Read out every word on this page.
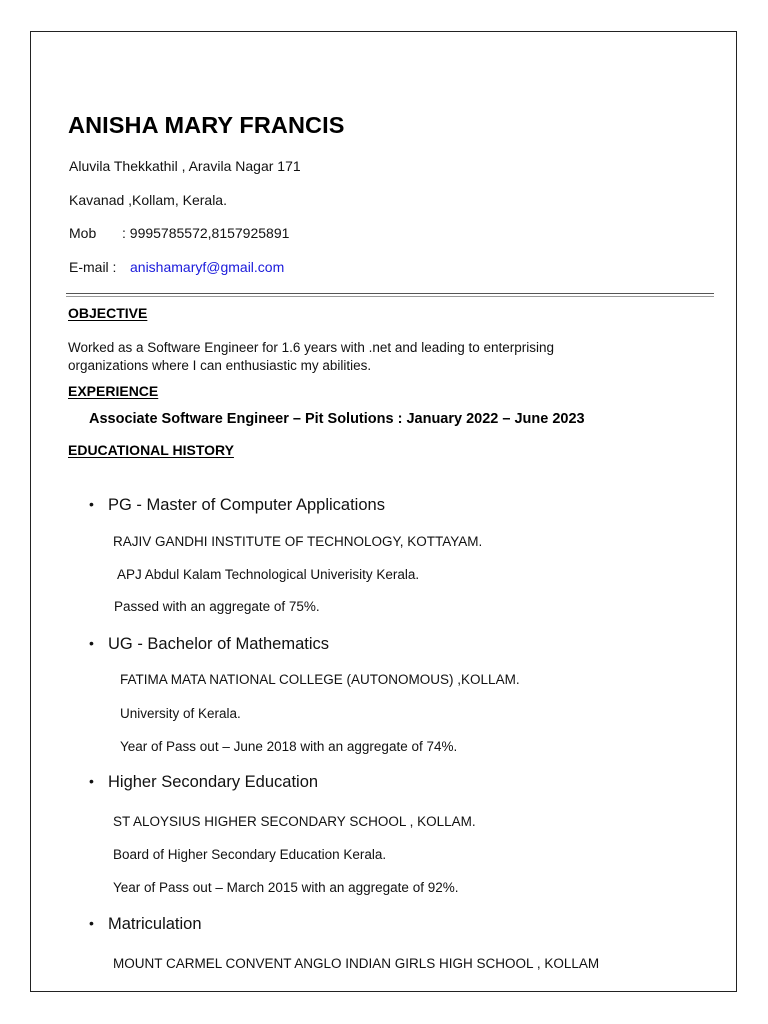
ANISHA MARY FRANCIS
Aluvila Thekkathil , Aravila Nagar 171
Kavanad ,Kollam, Kerala.
Mob : 9995785572,8157925891
E-mail : anishamaryf@gmail.com
OBJECTIVE
Worked as a Software Engineer for 1.6 years with .net and leading to enterprising organizations where I can enthusiastic my abilities.
EXPERIENCE
Associate Software Engineer – Pit Solutions : January 2022 – June 2023
EDUCATIONAL HISTORY
• PG - Master of Computer Applications
RAJIV GANDHI INSTITUTE OF TECHNOLOGY, KOTTAYAM.
APJ Abdul Kalam Technological Univerisity Kerala.
Passed with an aggregate of 75%.
• UG - Bachelor of Mathematics
FATIMA MATA NATIONAL COLLEGE (AUTONOMOUS) ,KOLLAM.
University of Kerala.
Year of Pass out – June 2018 with an aggregate of 74%.
• Higher Secondary Education
ST ALOYSIUS HIGHER SECONDARY SCHOOL , KOLLAM.
Board of Higher Secondary Education Kerala.
Year of Pass out – March 2015 with an aggregate of 92%.
• Matriculation
MOUNT CARMEL CONVENT ANGLO INDIAN GIRLS HIGH SCHOOL , KOLLAM
